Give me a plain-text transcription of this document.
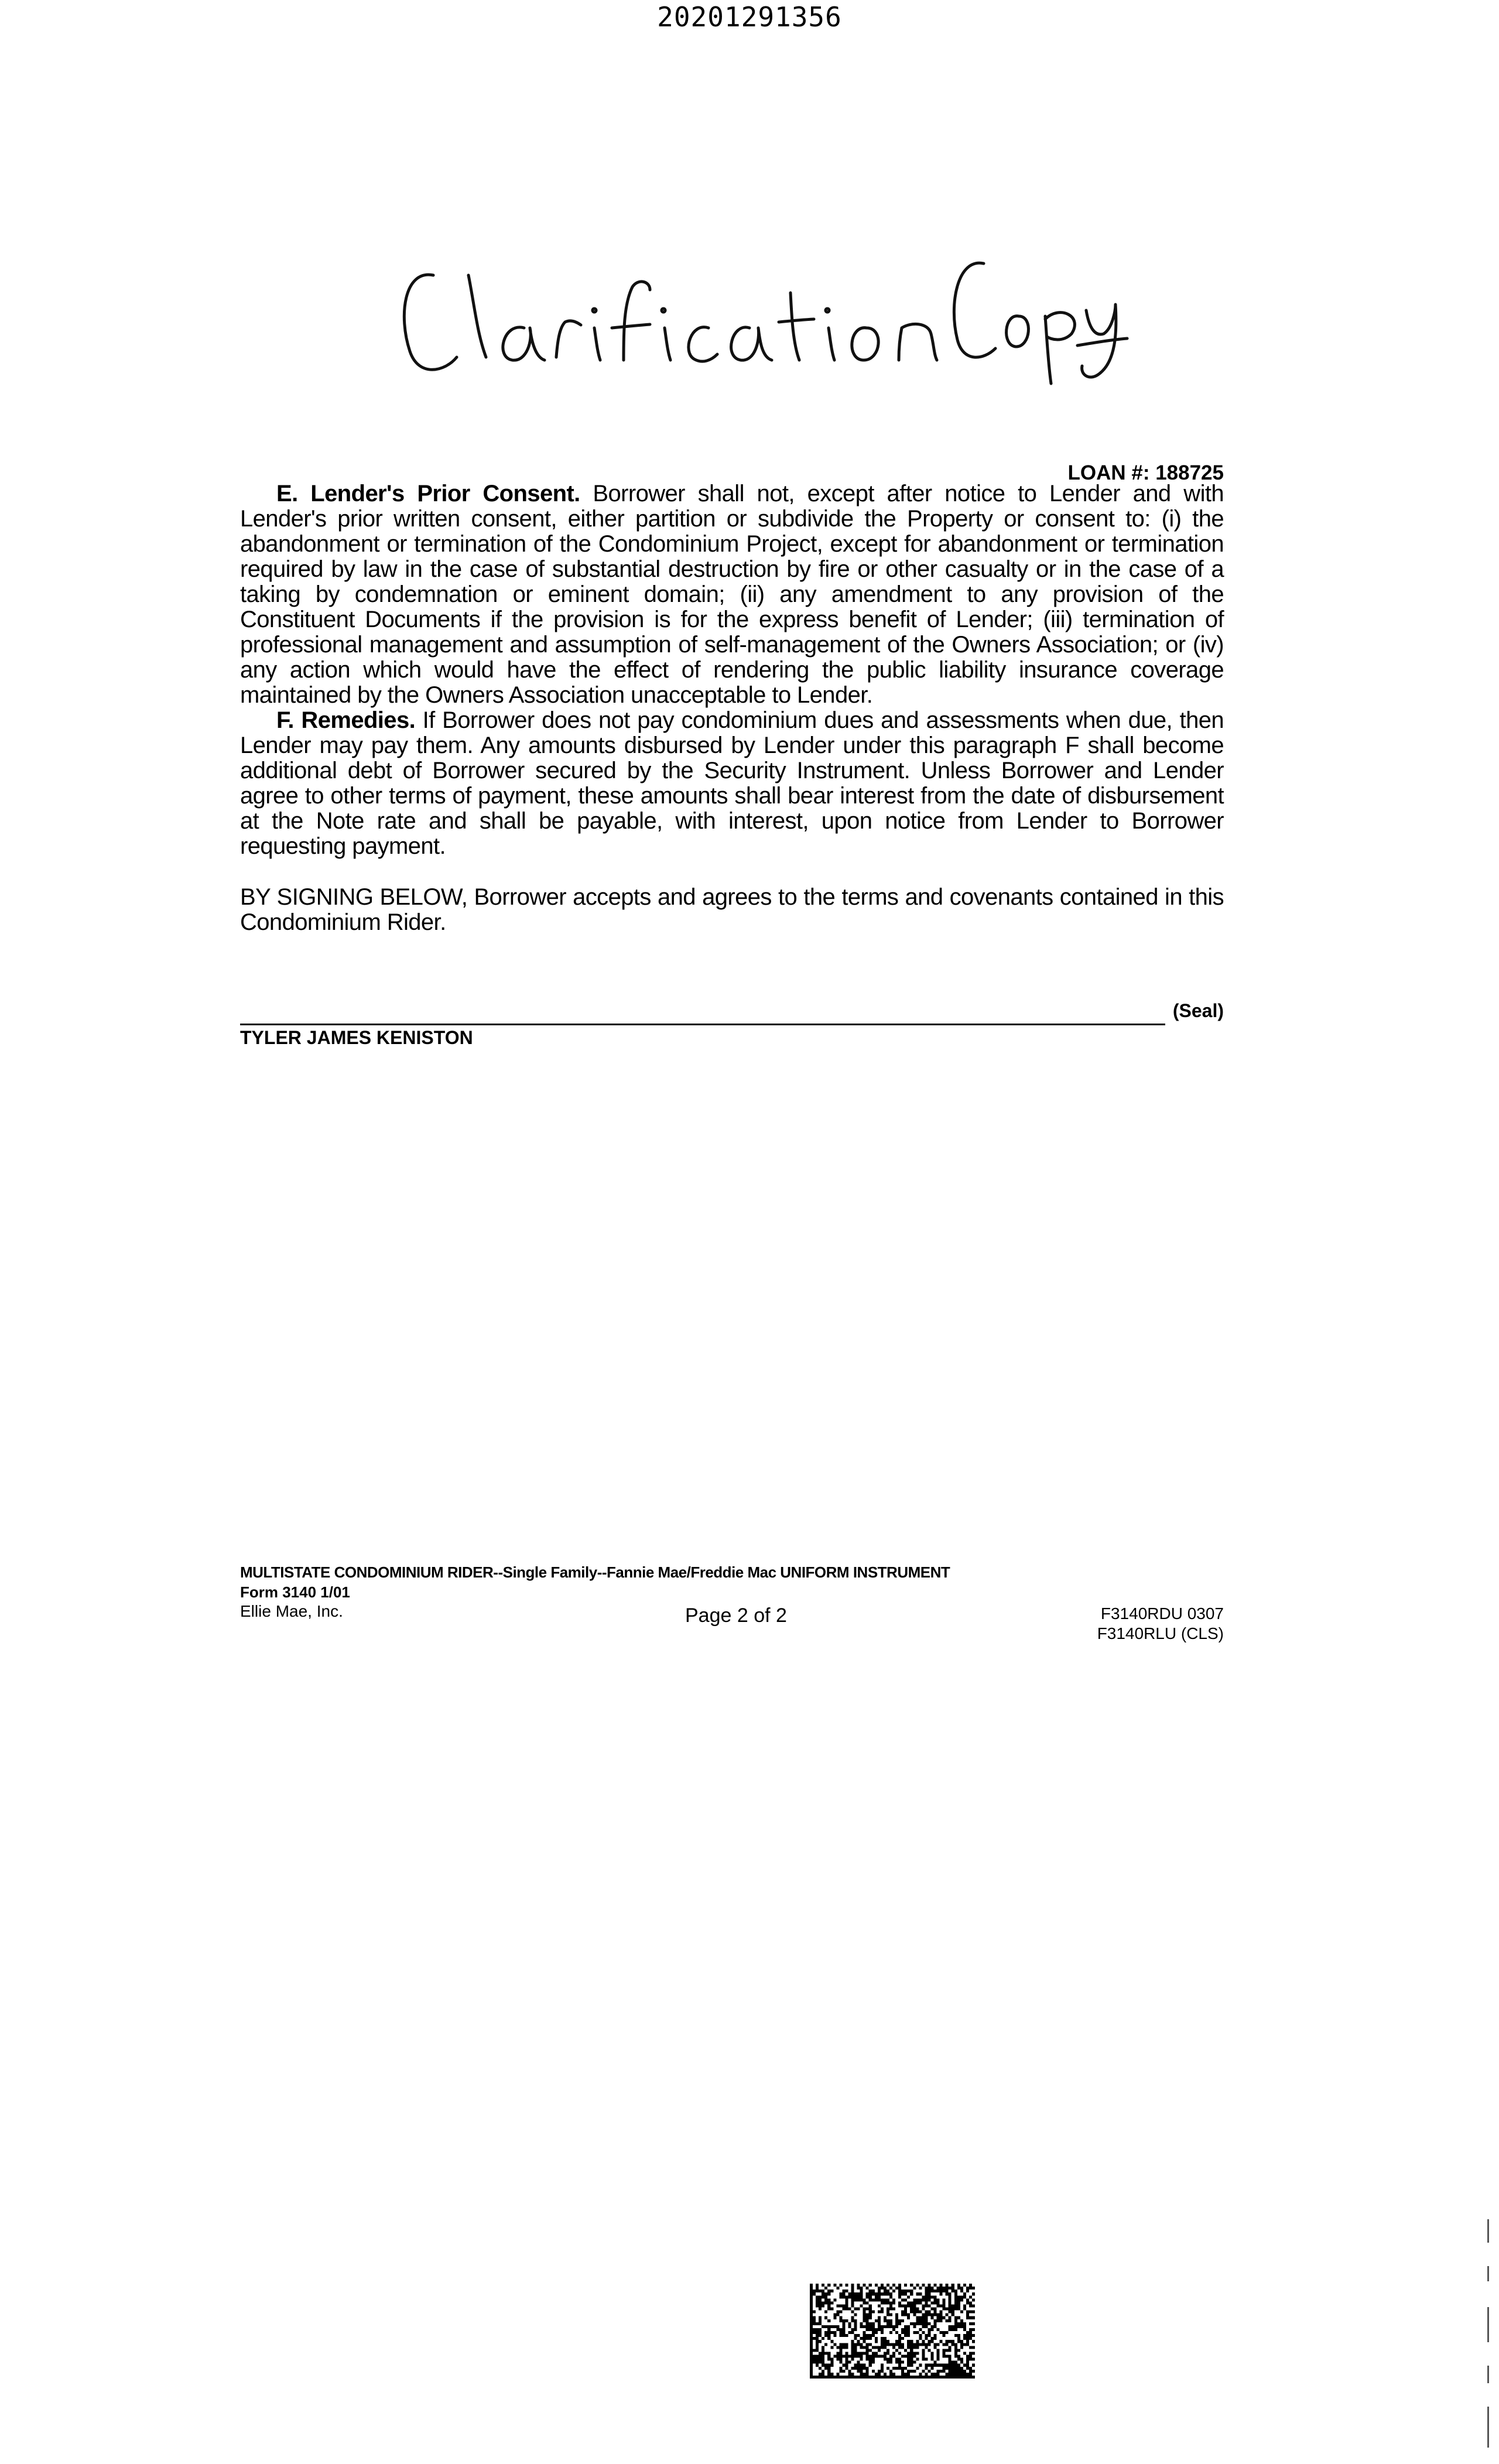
20201291356
LOAN #: 188725

E. Lender's Prior Consent. Borrower shall not, except after notice to Lender and with Lender's prior written consent, either partition or subdivide the Property or consent to: (i) the abandonment or termination of the Condominium Project, except for abandonment or termination required by law in the case of substantial destruction by fire or other casualty or in the case of a taking by condemnation or eminent domain; (ii) any amendment to any provision of the Constituent Documents if the provision is for the express benefit of Lender; (iii) termination of professional management and assumption of self-management of the Owners Association; or (iv) any action which would have the effect of rendering the public liability insurance coverage maintained by the Owners Association unacceptable to Lender.

F. Remedies. If Borrower does not pay condominium dues and assessments when due, then Lender may pay them. Any amounts disbursed by Lender under this paragraph F shall become additional debt of Borrower secured by the Security Instrument. Unless Borrower and Lender agree to other terms of payment, these amounts shall bear interest from the date of disbursement at the Note rate and shall be payable, with interest, upon notice from Lender to Borrower requesting payment.

BY SIGNING BELOW, Borrower accepts and agrees to the terms and covenants contained in this Condominium Rider.

(Seal)
TYLER JAMES KENISTON
MULTISTATE CONDOMINIUM RIDER--Single Family--Fannie Mae/Freddie Mac UNIFORM INSTRUMENT
Form 3140 1/01
Ellie Mae, Inc.	Page 2 of 2	F3140RDU 0307
F3140RLU (CLS)
